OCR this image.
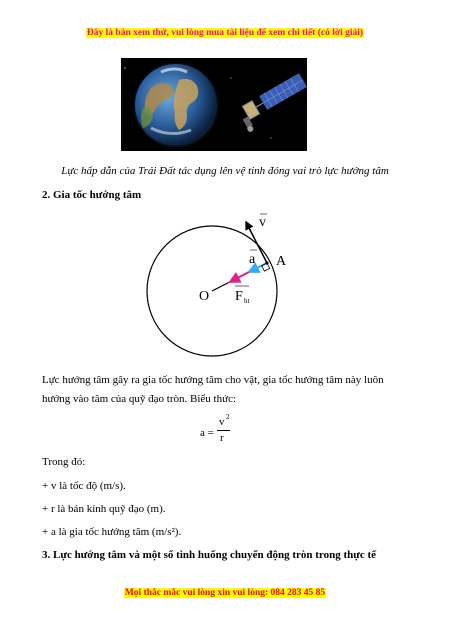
Đây là bản xem thử, vui lòng mua tài liệu để xem chi tiết (có lời giải)
Lực hấp dẫn của Trái Đất tác dụng lên vệ tinh đóng vai trò lực hướng tâm
2. Gia tốc hướng tâm
v
a A
O F ht
Lực hướng tâm gây ra gia tốc hướng tâm cho vật, gia tốc hướng tâm này luôn hướng vào tâm của quỹ đạo tròn. Biểu thức:
a =
v 2
r
Trong đó:
+ v là tốc độ (m/s).
+ r là bán kính quỹ đạo (m).
+ a là gia tốc hướng tâm (m/s²).
3. Lực hướng tâm và một số tình huống chuyển động tròn trong thực tế
Mọi thắc mắc vui lòng xin vui lòng: 084 283 45 85
